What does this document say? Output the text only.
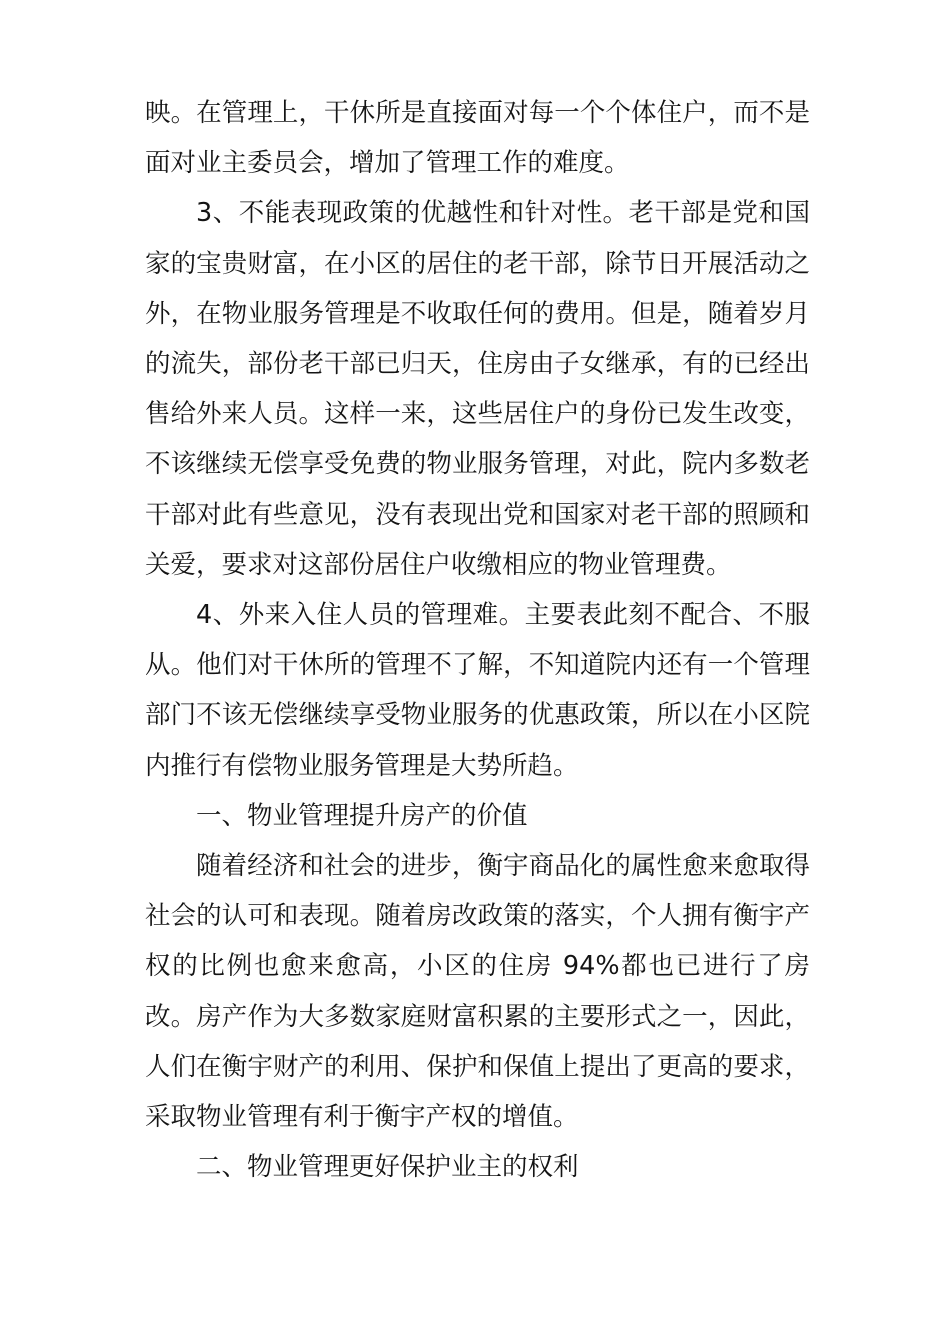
映。在管理上，干休所是直接面对每一个个体住户，而不是面对业主委员会，增加了管理工作的难度。

3、不能表现政策的优越性和针对性。老干部是党和国家的宝贵财富，在小区的居住的老干部，除节日开展活动之外，在物业服务管理是不收取任何的费用。但是，随着岁月的流失，部份老干部已归天，住房由子女继承，有的已经出售给外来人员。这样一来，这些居住户的身份已发生改变，不该继续无偿享受免费的物业服务管理，对此，院内多数老干部对此有些意见，没有表现出党和国家对老干部的照顾和关爱，要求对这部份居住户收缴相应的物业管理费。

4、外来入住人员的管理难。主要表此刻不配合、不服从。他们对干休所的管理不了解，不知道院内还有一个管理部门不该无偿继续享受物业服务的优惠政策，所以在小区院内推行有偿物业服务管理是大势所趋。

一、物业管理提升房产的价值

随着经济和社会的进步，衡宇商品化的属性愈来愈取得社会的认可和表现。随着房改政策的落实，个人拥有衡宇产权的比例也愈来愈高，小区的住房 94%都也已进行了房改。房产作为大多数家庭财富积累的主要形式之一，因此，人们在衡宇财产的利用、保护和保值上提出了更高的要求，采取物业管理有利于衡宇产权的增值。

二、物业管理更好保护业主的权利
